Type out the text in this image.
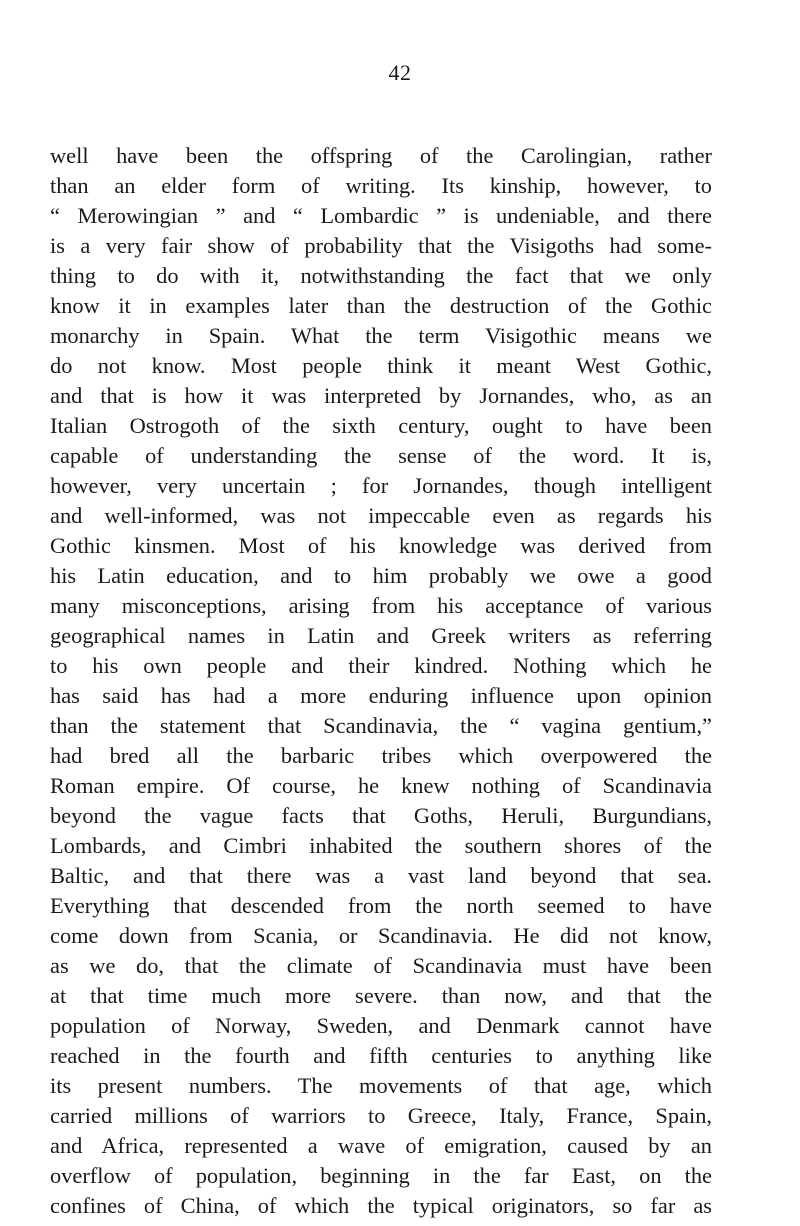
42
well have been the offspring of the Carolingian, rather
than an elder form of writing. Its kinship, however, to
“ Merowingian ” and “ Lombardic ” is undeniable, and there
is a very fair show of probability that the Visigoths had some-
thing to do with it, notwithstanding the fact that we only
know it in examples later than the destruction of the Gothic
monarchy in Spain. What the term Visigothic means we
do not know. Most people think it meant West Gothic,
and that is how it was interpreted by Jornandes, who, as an
Italian Ostrogoth of the sixth century, ought to have been
capable of understanding the sense of the word. It is,
however, very uncertain ; for Jornandes, though intelligent
and well-informed, was not impeccable even as regards his
Gothic kinsmen. Most of his knowledge was derived from
his Latin education, and to him probably we owe a good
many misconceptions, arising from his acceptance of various
geographical names in Latin and Greek writers as referring
to his own people and their kindred. Nothing which he
has said has had a more enduring influence upon opinion
than the statement that Scandinavia, the “ vagina gentium,”
had bred all the barbaric tribes which overpowered the
Roman empire. Of course, he knew nothing of Scandinavia
beyond the vague facts that Goths, Heruli, Burgundians,
Lombards, and Cimbri inhabited the southern shores of the
Baltic, and that there was a vast land beyond that sea.
Everything that descended from the north seemed to have
come down from Scania, or Scandinavia. He did not know,
as we do, that the climate of Scandinavia must have been
at that time much more severe. than now, and that the
population of Norway, Sweden, and Denmark cannot have
reached in the fourth and fifth centuries to anything like
its present numbers. The movements of that age, which
carried millions of warriors to Greece, Italy, France, Spain,
and Africa, represented a wave of emigration, caused by an
overflow of population, beginning in the far East, on the
confines of China, of which the typical originators, so far as
